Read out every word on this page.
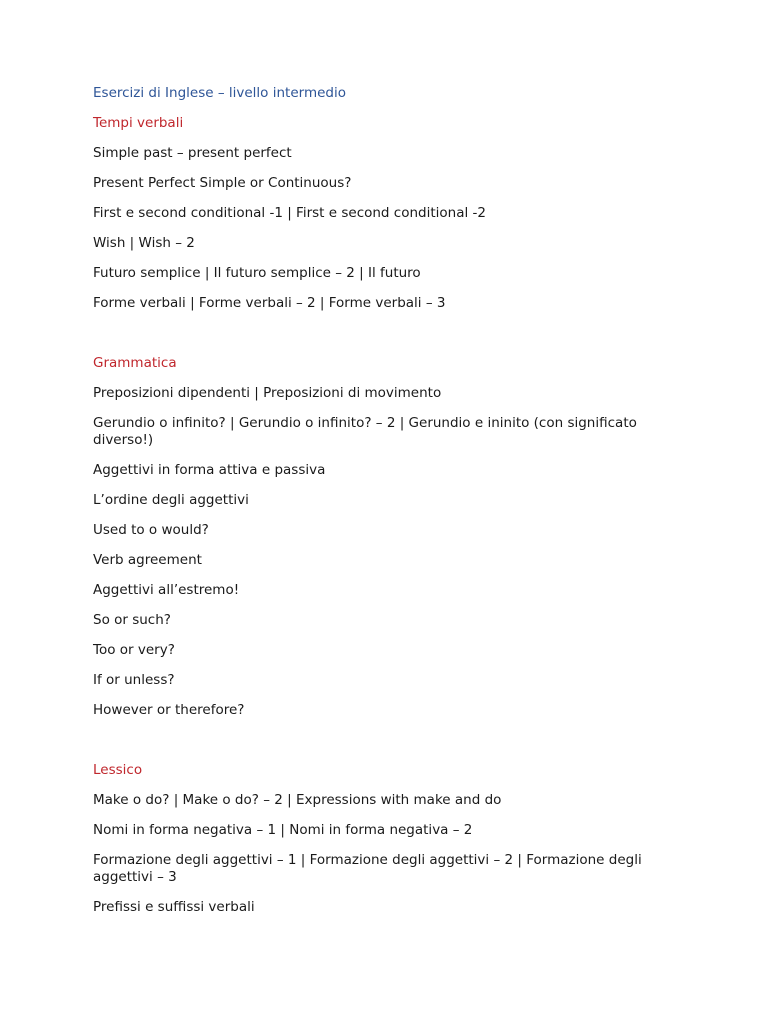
Esercizi di Inglese – livello intermedio
Tempi verbali
Simple past – present perfect
Present Perfect Simple or Continuous?
First e second conditional -1 | First e second conditional -2
Wish | Wish – 2
Futuro semplice | Il futuro semplice – 2 | Il futuro
Forme verbali | Forme verbali – 2 | Forme verbali – 3
Grammatica
Preposizioni dipendenti | Preposizioni di movimento
Gerundio o infinito? | Gerundio o infinito? – 2 | Gerundio e ininito (con significato diverso!)
Aggettivi in forma attiva e passiva
L’ordine degli aggettivi
Used to o would?
Verb agreement
Aggettivi all’estremo!
So or such?
Too or very?
If or unless?
However or therefore?
Lessico
Make o do? | Make o do? – 2 | Expressions with make and do
Nomi in forma negativa – 1 | Nomi in forma negativa – 2
Formazione degli aggettivi – 1 | Formazione degli aggettivi – 2 | Formazione degli aggettivi – 3
Prefissi e suffissi verbali
